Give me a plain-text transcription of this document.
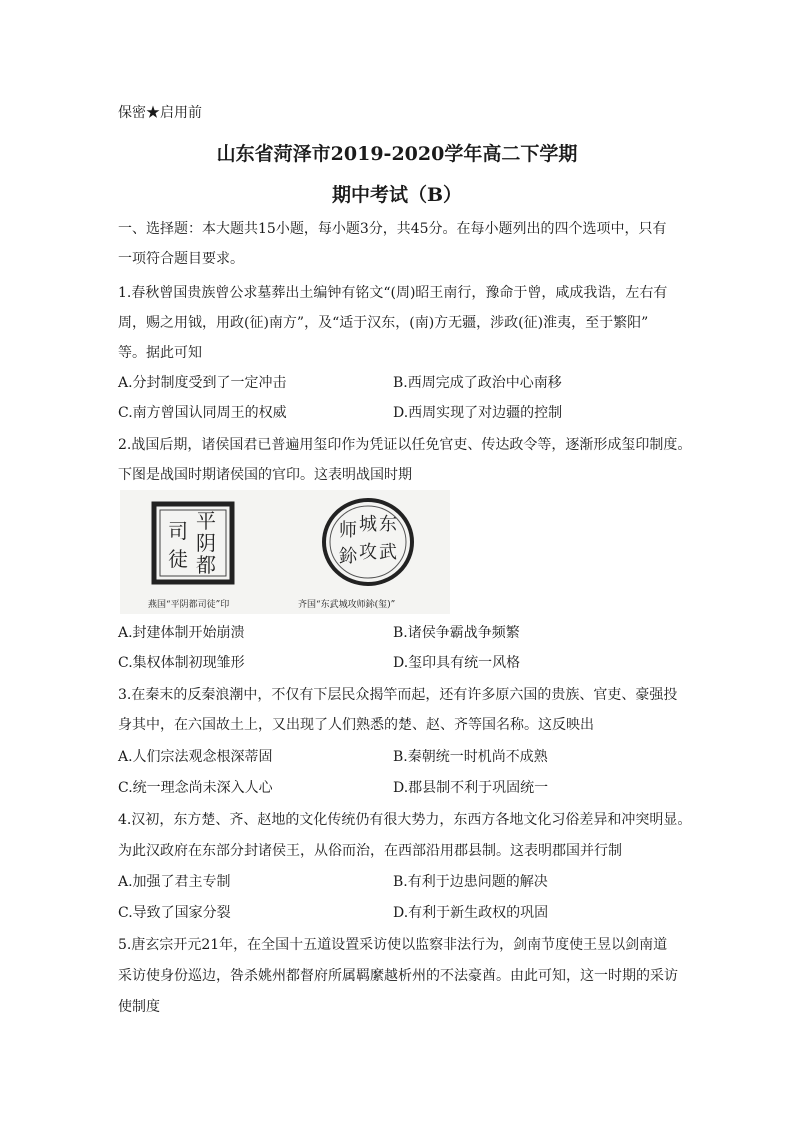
保密★启用前
山东省菏泽市2019-2020学年高二下学期
期中考试（B）
一、选择题：本大题共15小题，每小题3分，共45分。在每小题列出的四个选项中，只有
一项符合题目要求。
1.春秋曾国贵族曾公求墓葬出土编钟有铭文“(周)昭王南行，豫命于曾，咸成我诰，左右有
周，赐之用钺，用政(征)南方”，及“适于汉东，(南)方无疆，涉政(征)淮夷，至于繁阳”
等。据此可知
A.分封制度受到了一定冲击	B.西周完成了政治中心南移
C.南方曾国认同周王的权威	D.西周实现了对边疆的控制
2.战国后期，诸侯国君已普遍用玺印作为凭证以任免官吏、传达政令等，逐渐形成玺印制度。
下图是战国时期诸侯国的官印。这表明战国时期
平
阴
都
司
徒
东
武
城
攻
师
鉩
燕国“平阴都司徒”印	齐国“东武城攻师鉩(玺)”
A.封建体制开始崩溃	B.诸侯争霸战争频繁
C.集权体制初现雏形	D.玺印具有统一风格
3.在秦末的反秦浪潮中，不仅有下层民众揭竿而起，还有许多原六国的贵族、官吏、豪强投
身其中，在六国故土上，又出现了人们熟悉的楚、赵、齐等国名称。这反映出
A.人们宗法观念根深蒂固	B.秦朝统一时机尚不成熟
C.统一理念尚未深入人心	D.郡县制不利于巩固统一
4.汉初，东方楚、齐、赵地的文化传统仍有很大势力，东西方各地文化习俗差异和冲突明显。
为此汉政府在东部分封诸侯王，从俗而治，在西部沿用郡县制。这表明郡国并行制
A.加强了君主专制	B.有利于边患问题的解决
C.导致了国家分裂	D.有利于新生政权的巩固
5.唐玄宗开元21年，在全国十五道设置采访使以监察非法行为，剑南节度使王昱以剑南道
采访使身份巡边，咎杀姚州都督府所属羁縻越析州的不法豪酋。由此可知，这一时期的采访
使制度
